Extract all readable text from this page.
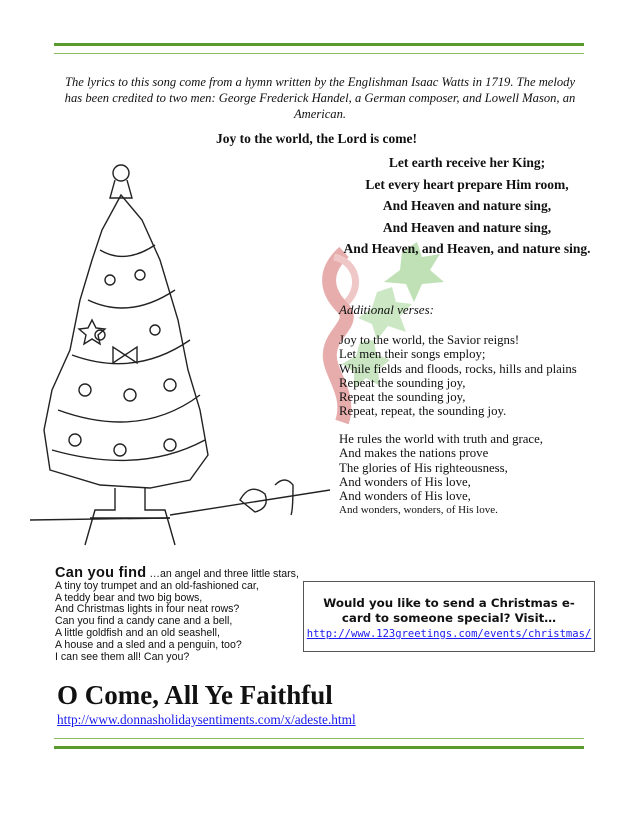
The lyrics to this song come from a hymn written by the Englishman Isaac Watts in 1719. The melody has been credited to two men: George Frederick Handel, a German composer, and Lowell Mason, an American.
Joy to the world, the Lord is come!
Let earth receive her King;
Let every heart prepare Him room,
And Heaven and nature sing,
And Heaven and nature sing,
And Heaven, and Heaven, and nature sing.
Additional verses:
Joy to the world, the Savior reigns!
Let men their songs employ;
While fields and floods, rocks, hills and plains
Repeat the sounding joy,
Repeat the sounding joy,
Repeat, repeat, the sounding joy.
He rules the world with truth and grace,
And makes the nations prove
The glories of His righteousness,
And wonders of His love,
And wonders of His love,
And wonders, wonders, of His love.
Can you find …an angel and three little stars,
A tiny toy trumpet and an old-fashioned car,
A teddy bear and two big bows,
And Christmas lights in four neat rows?
Can you find a candy cane and a bell,
A little goldfish and an old seashell,
A house and a sled and a penguin, too?
I can see them all! Can you?
Would you like to send a Christmas e-card to someone special? Visit…
http://www.123greetings.com/events/christmas/
O Come, All Ye Faithful
http://www.donnasholidaysentiments.com/x/adeste.html
